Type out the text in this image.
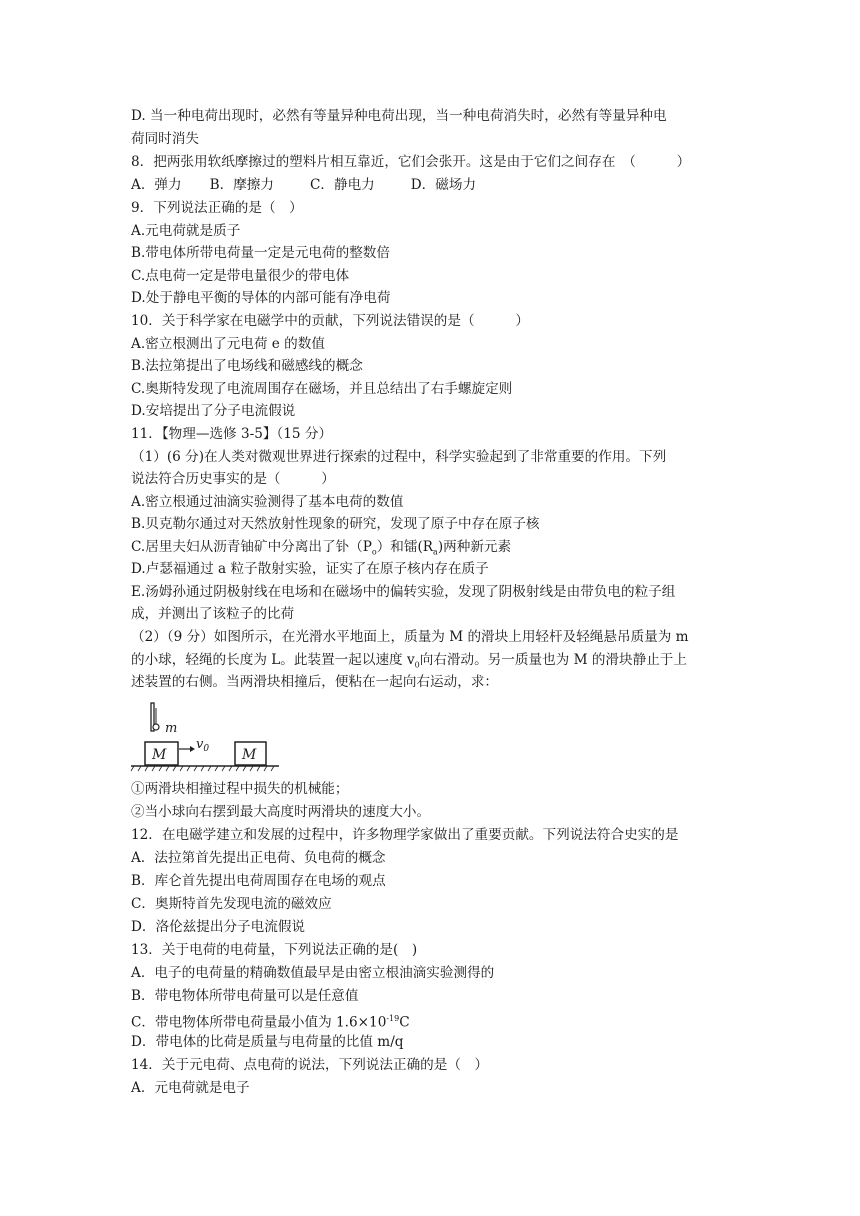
D. 当一种电荷出现时，必然有等量异种电荷出现，当一种电荷消失时，必然有等量异种电
荷同时消失
8．把两张用软纸摩擦过的塑料片相互靠近，它们会张开。这是由于它们之间存在　（　　　）
A．弹力 B．摩擦力	C．静电力	D．磁场力
9．下列说法正确的是（　）
A.元电荷就是质子
B.带电体所带电荷量一定是元电荷的整数倍
C.点电荷一定是带电量很少的带电体
D.处于静电平衡的导体的内部可能有净电荷
10．关于科学家在电磁学中的贡献，下列说法错误的是（　　　）
A.密立根测出了元电荷 e 的数值
B.法拉第提出了电场线和磁感线的概念
C.奥斯特发现了电流周围存在磁场，并且总结出了右手螺旋定则
D.安培提出了分子电流假说
11．【物理—选修 3-5】（15 分）
（1）(6 分)在人类对微观世界进行探索的过程中，科学实验起到了非常重要的作用。下列
说法符合历史事实的是（　　　）
A.密立根通过油滴实验测得了基本电荷的数值
B.贝克勒尔通过对天然放射性现象的研究，发现了原子中存在原子核
C.居里夫妇从沥青铀矿中分离出了钋$(P_o)$和镭$(R_a)$两种新元素
D.卢瑟福通过 a 粒子散射实验，证实了在原子核内存在质子
E.汤姆孙通过阴极射线在电场和在磁场中的偏转实验，发现了阴极射线是由带负电的粒子组
成，并测出了该粒子的比荷
（2）（9 分）如图所示，在光滑水平地面上，质量为 M 的滑块上用轻杆及轻绳悬吊质量为 m
的小球，轻绳的长度为 L。此装置一起以速度 $v_0$向右滑动。另一质量也为 M 的滑块静止于上
述装置的右侧。当两滑块相撞后，便粘在一起向右运动，求：
m
M
$v_0$ M
①两滑块相撞过程中损失的机械能；
②当小球向右摆到最大高度时两滑块的速度大小。
12．在电磁学建立和发展的过程中，许多物理学家做出了重要贡献。下列说法符合史实的是
A．法拉第首先提出正电荷、负电荷的概念
B．库仑首先提出电荷周围存在电场的观点
C．奥斯特首先发现电流的磁效应
D．洛伦兹提出分子电流假说
13．关于电荷的电荷量，下列说法正确的是(　)
A．电子的电荷量的精确数值最早是由密立根油滴实验测得的
B．带电物体所带电荷量可以是任意值
C．带电物体所带电荷量最小值为 $1.6\times 10^{-19}C$
D．带电体的比荷是质量与电荷量的比值 m/q
14．关于元电荷、点电荷的说法，下列说法正确的是（　）
A．元电荷就是电子
